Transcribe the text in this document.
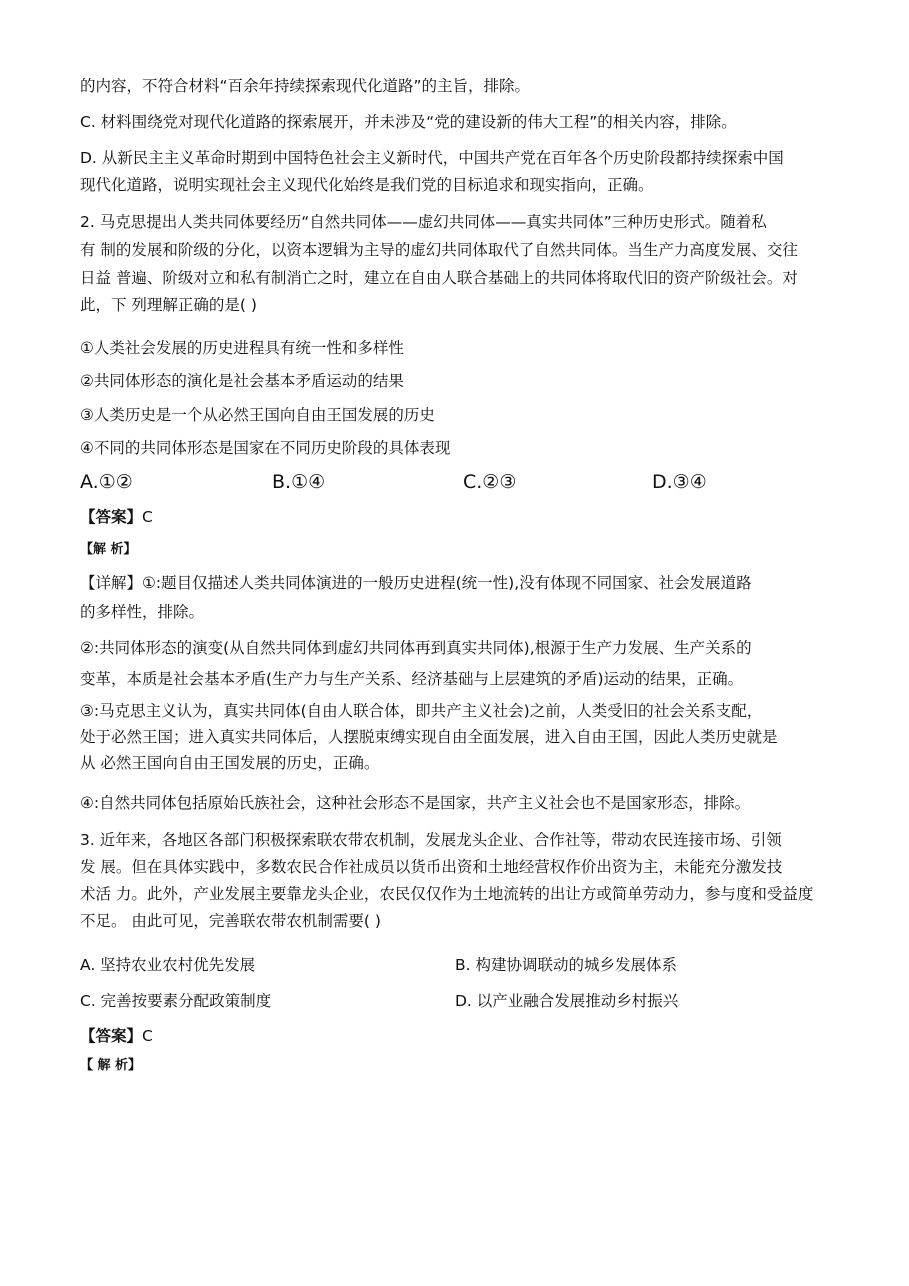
的内容，不符合材料“百余年持续探索现代化道路”的主旨，排除。
C. 材料围绕党对现代化道路的探索展开，并未涉及“党的建设新的伟大工程”的相关内容，排除。
D. 从新民主主义革命时期到中国特色社会主义新时代，中国共产党在百年各个历史阶段都持续探索中国
现代化道路，说明实现社会主义现代化始终是我们党的目标追求和现实指向，正确。
2. 马克思提出人类共同体要经历“自然共同体——虚幻共同体——真实共同体”三种历史形式。随着私
有 制的发展和阶级的分化，以资本逻辑为主导的虚幻共同体取代了自然共同体。当生产力高度发展、交往
日益 普遍、阶级对立和私有制消亡之时，建立在自由人联合基础上的共同体将取代旧的资产阶级社会。对
此，下 列理解正确的是( )
①人类社会发展的历史进程具有统一性和多样性
②共同体形态的演化是社会基本矛盾运动的结果
③人类历史是一个从必然王国向自由王国发展的历史
④不同的共同体形态是国家在不同历史阶段的具体表现
A.①②	B.①④	C.②③	D.③④
【答案】C
【解 析】
【详解】①:题目仅描述人类共同体演进的一般历史进程(统一性),没有体现不同国家、社会发展道路
的多样性，排除。
②:共同体形态的演变(从自然共同体到虚幻共同体再到真实共同体),根源于生产力发展、生产关系的
变革，本质是社会基本矛盾(生产力与生产关系、经济基础与上层建筑的矛盾)运动的结果，正确。
③:马克思主义认为，真实共同体(自由人联合体，即共产主义社会)之前，人类受旧的社会关系支配，
处于必然王国；进入真实共同体后，人摆脱束缚实现自由全面发展，进入自由王国，因此人类历史就是
从 必然王国向自由王国发展的历史，正确。
④:自然共同体包括原始氏族社会，这种社会形态不是国家，共产主义社会也不是国家形态，排除。
3. 近年来，各地区各部门积极探索联农带农机制，发展龙头企业、合作社等，带动农民连接市场、引领
发 展。但在具体实践中，多数农民合作社成员以货币出资和土地经营权作价出资为主，未能充分激发技
术活 力。此外，产业发展主要靠龙头企业，农民仅仅作为土地流转的出让方或简单劳动力，参与度和受益度
不足。 由此可见，完善联农带农机制需要( )
A. 坚持农业农村优先发展	B. 构建协调联动的城乡发展体系
C. 完善按要素分配政策制度	D. 以产业融合发展推动乡村振兴
【答案】C
【 解 析】
